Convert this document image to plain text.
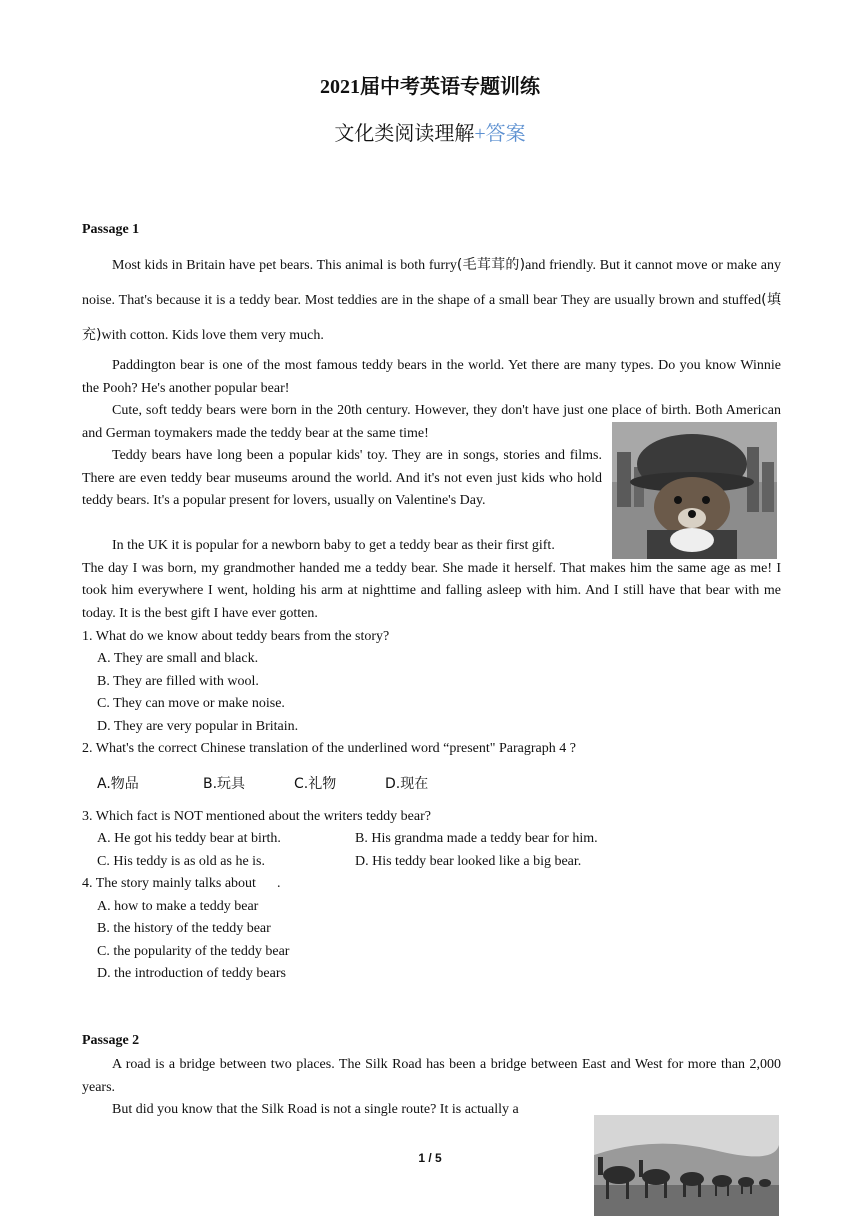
2021届中考英语专题训练
文化类阅读理解+答案
Passage 1
Most kids in Britain have pet bears. This animal is both furry(毛茸茸的)and friendly. But it cannot move or make any noise. That's because it is a teddy bear. Most teddies are in the shape of a small bear They are usually brown and stuffed(填充)with cotton. Kids love them very much.
Paddington bear is one of the most famous teddy bears in the world. Yet there are many types. Do you know Winnie the Pooh? He's another popular bear!
Cute, soft teddy bears were born in the 20th century. However, they don't have just one place of birth. Both American and German toymakers made the teddy bear at the same time!
Teddy bears have long been a popular kids' toy. They are in songs, stories and films. There are even teddy bear museums around the world. And it's not even just kids who hold teddy bears. It's a popular present for lovers, usually on Valentine's Day.

In the UK it is popular for a newborn baby to get a teddy bear as their first gift.

The day I was born, my grandmother handed me a teddy bear. She made it herself. That makes him the same age as me! I took him everywhere I went, holding his arm at nighttime and falling asleep with him. And I still have that bear with me today. It is the best gift I have ever gotten.

1. What do we know about teddy bears from the story?
A. They are small and black.
B. They are filled with wool.
C. They can move or make noise.
D. They are very popular in Britain.
2. What's the correct Chinese translation of the underlined word “present" Paragraph 4 ?
A.物品	B.玩具	C.礼物	D.现在
3. Which fact is NOT mentioned about the writers teddy bear?
A. He got his teddy bear at birth.	B. His grandma made a teddy bear for him.
C. His teddy is as old as he is.	D. His teddy bear looked like a big bear.
4. The story mainly talks about      .
A. how to make a teddy bear
B. the history of the teddy bear
C. the popularity of the teddy bear
D. the introduction of teddy bears
Passage 2
A road is a bridge between two places. The Silk Road has been a bridge between East and West for more than 2,000 years.
But did you know that the Silk Road is not a single route? It is actually a
1 / 5
